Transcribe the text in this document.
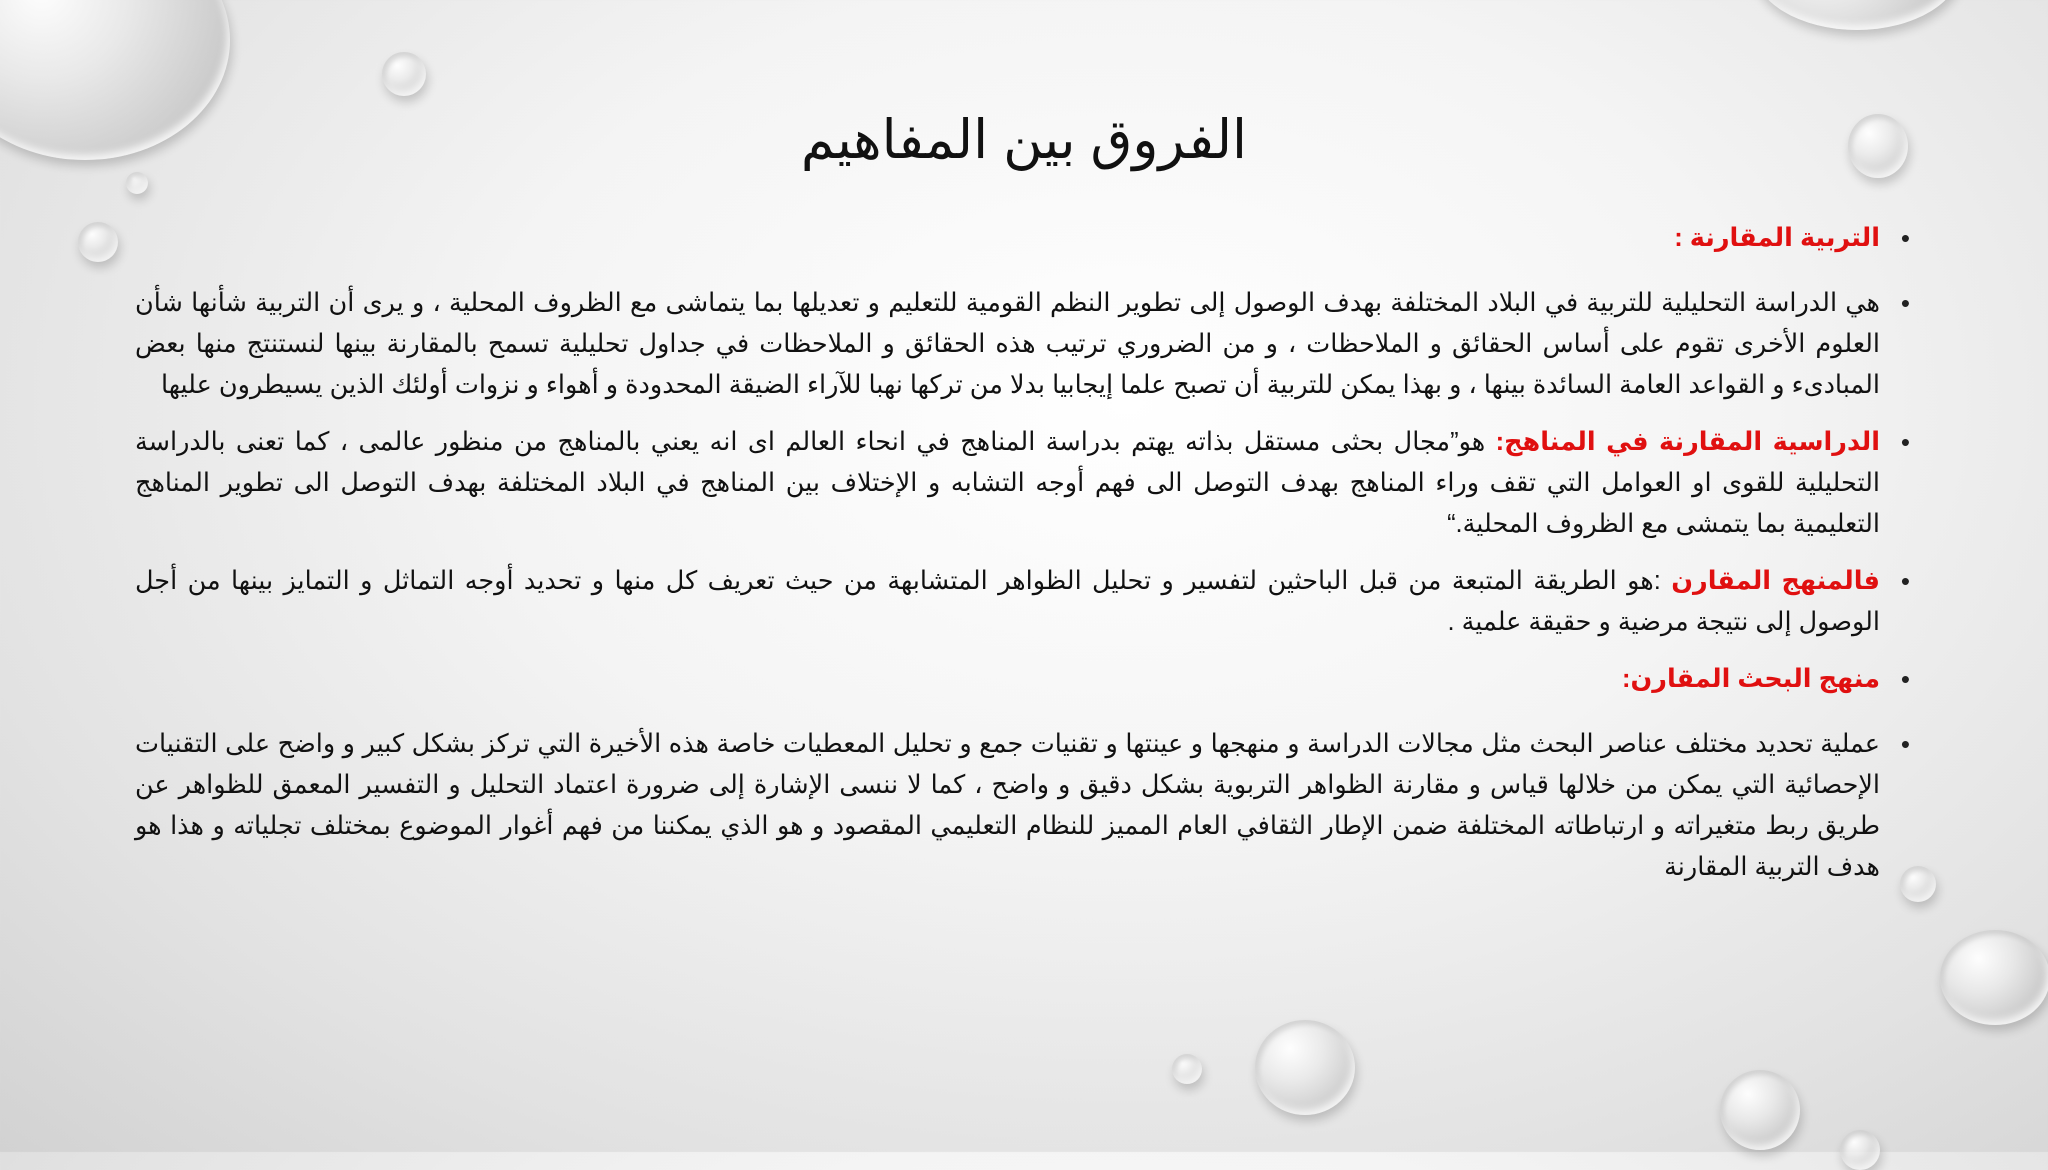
الفروق بين المفاهيم
• التربية المقارنة :
• هي الدراسة التحليلية للتربية في البلاد المختلفة بهدف الوصول إلى تطوير النظم القومية للتعليم و تعديلها بما يتماشى مع الظروف المحلية ، و يرى أن التربية شأنها شأن العلوم الأخرى تقوم على أساس الحقائق و الملاحظات ، و من الضروري ترتيب هذه الحقائق و الملاحظات في جداول تحليلية تسمح بالمقارنة بينها لنستنتج منها بعض المبادىء و القواعد العامة السائدة بينها ، و بهذا يمكن للتربية أن تصبح علما إيجابيا بدلا من تركها نهبا للآراء الضيقة المحدودة و أهواء و نزوات أولئك الذين يسيطرون عليها
• الدراسية المقارنة في المناهج: هو”مجال بحثى مستقل بذاته يهتم بدراسة المناهج في انحاء العالم اى انه يعني بالمناهج من منظور عالمى ، كما تعنى بالدراسة التحليلية للقوى او العوامل التي تقف وراء المناهج بهدف التوصل الى فهم أوجه التشابه و الإختلاف بين المناهج في البلاد المختلفة بهدف التوصل الى تطوير المناهج التعليمية بما يتمشى مع الظروف المحلية.“
• فالمنهج المقارن :هو الطريقة المتبعة من قبل الباحثين لتفسير و تحليل الظواهر المتشابهة من حيث تعريف كل منها و تحديد أوجه التماثل و التمايز بينها من أجل الوصول إلى نتيجة مرضية و حقيقة علمية .
• منهج البحث المقارن:
• عملية تحديد مختلف عناصر البحث مثل مجالات الدراسة و منهجها و عينتها و تقنيات جمع و تحليل المعطيات خاصة هذه الأخيرة التي تركز بشكل كبير و واضح على التقنيات الإحصائية التي يمكن من خلالها قياس و مقارنة الظواهر التربوية بشكل دقيق و واضح ، كما لا ننسى الإشارة إلى ضرورة اعتماد التحليل و التفسير المعمق للظواهر عن طريق ربط متغيراته و ارتباطاته المختلفة ضمن الإطار الثقافي العام المميز للنظام التعليمي المقصود و هو الذي يمكننا من فهم أغوار الموضوع بمختلف تجلياته و هذا هو هدف التربية المقارنة
